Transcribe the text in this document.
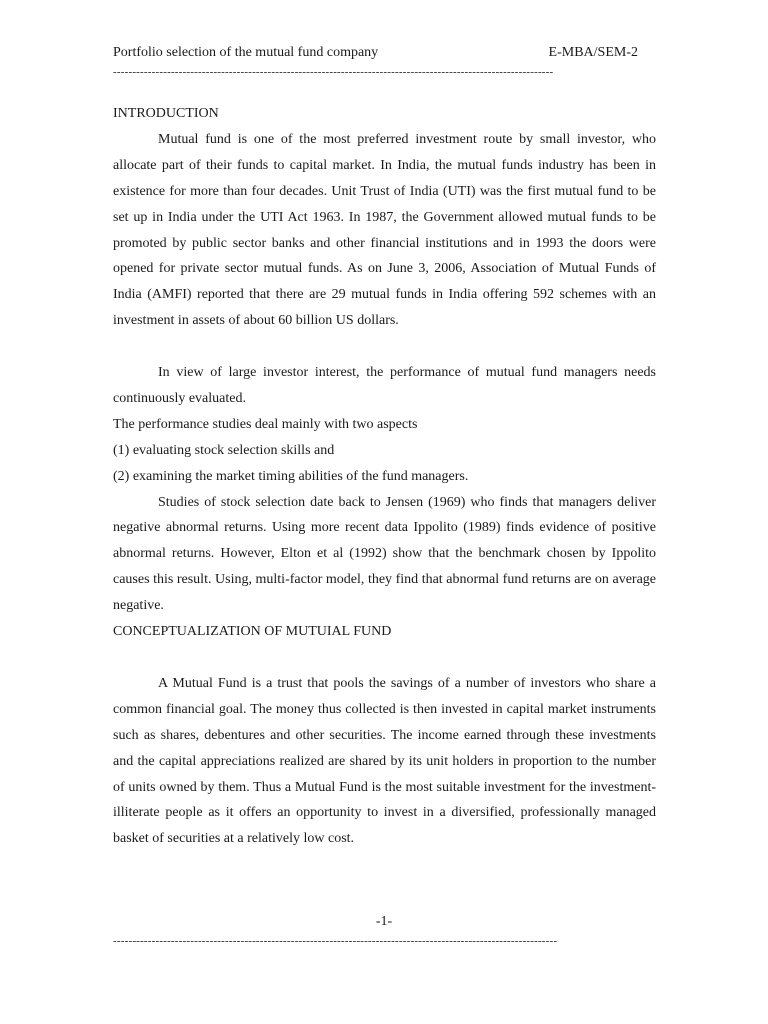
Portfolio selection of the mutual fund company	E-MBA/SEM-2
------------------------------------------------------------------------------------------------------------------

INTRODUCTION

Mutual fund is one of the most preferred investment route by small investor, who allocate part of their funds to capital market. In India, the mutual funds industry has been in existence for more than four decades. Unit Trust of India (UTI) was the first mutual fund to be set up in India under the UTI Act 1963. In 1987, the Government allowed mutual funds to be promoted by public sector banks and other financial institutions and in 1993 the doors were opened for private sector mutual funds. As on June 3, 2006, Association of Mutual Funds of India (AMFI) reported that there are 29 mutual funds in India offering 592 schemes with an investment in assets of about 60 billion US dollars.

In view of large investor interest, the performance of mutual fund managers needs continuously evaluated.

The performance studies deal mainly with two aspects

(1) evaluating stock selection skills and

(2) examining the market timing abilities of the fund managers.

Studies of stock selection date back to Jensen (1969) who finds that managers deliver negative abnormal returns. Using more recent data Ippolito (1989) finds evidence of positive abnormal returns. However, Elton et al (1992) show that the benchmark chosen by Ippolito causes this result. Using, multi-factor model, they find that abnormal fund returns are on average negative.

CONCEPTUALIZATION OF MUTUIAL FUND

A Mutual Fund is a trust that pools the savings of a number of investors who share a common financial goal. The money thus collected is then invested in capital market instruments such as shares, debentures and other securities. The income earned through these investments and the capital appreciations realized are shared by its unit holders in proportion to the number of units owned by them. Thus a Mutual Fund is the most suitable investment for the investment-illiterate people as it offers an opportunity to invest in a diversified, professionally managed basket of securities at a relatively low cost.

-1-
-------------------------------------------------------------------------------------------------------------------
